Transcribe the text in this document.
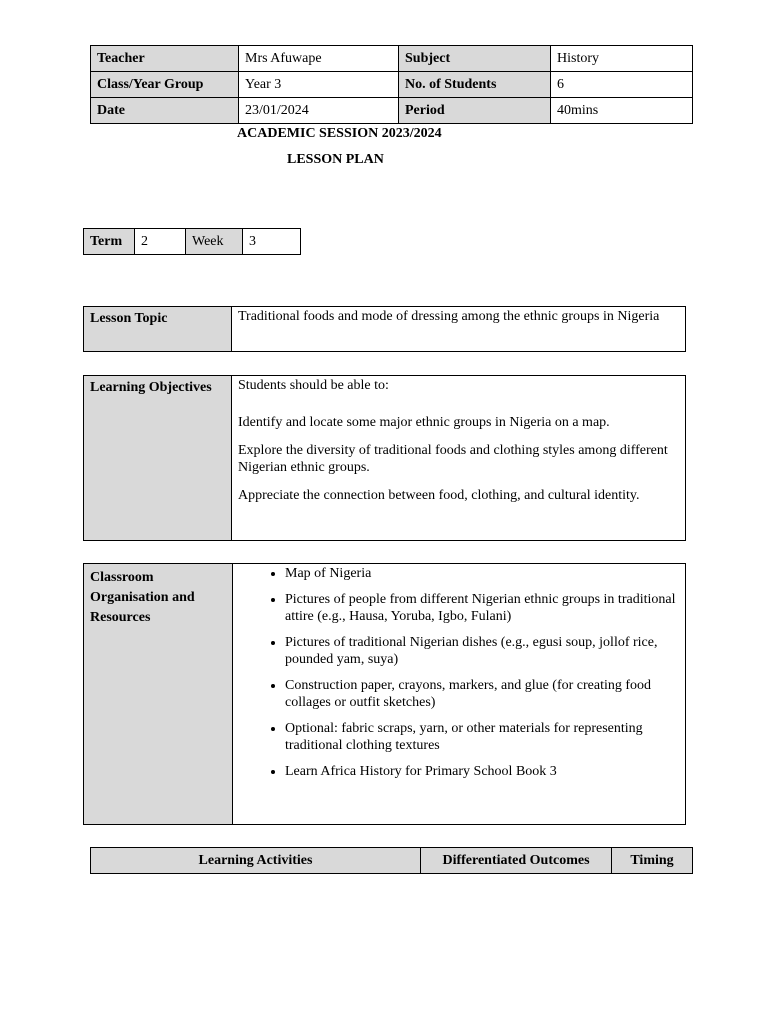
Teacher	Mrs Afuwape	Subject	History
Class/Year Group	Year 3	No. of Students	6
Date	23/01/2024	Period	40mins
ACADEMIC SESSION 2023/2024
LESSON PLAN
Term	2	Week	3
Lesson Topic	Traditional foods and mode of dressing among the ethnic groups in Nigeria
Learning Objectives	Students should be able to:

Identify and locate some major ethnic groups in Nigeria on a map.

Explore the diversity of traditional foods and clothing styles among different Nigerian ethnic groups.

Appreciate the connection between food, clothing, and cultural identity.

Classroom Organisation and Resources	
• Map of Nigeria
• Pictures of people from different Nigerian ethnic groups in traditional attire (e.g., Hausa, Yoruba, Igbo, Fulani)
• Pictures of traditional Nigerian dishes (e.g., egusi soup, jollof rice, pounded yam, suya)
• Construction paper, crayons, markers, and glue (for creating food collages or outfit sketches)
• Optional: fabric scraps, yarn, or other materials for representing traditional clothing textures
• Learn Africa History for Primary School Book 3
Learning Activities	Differentiated Outcomes	Timing
